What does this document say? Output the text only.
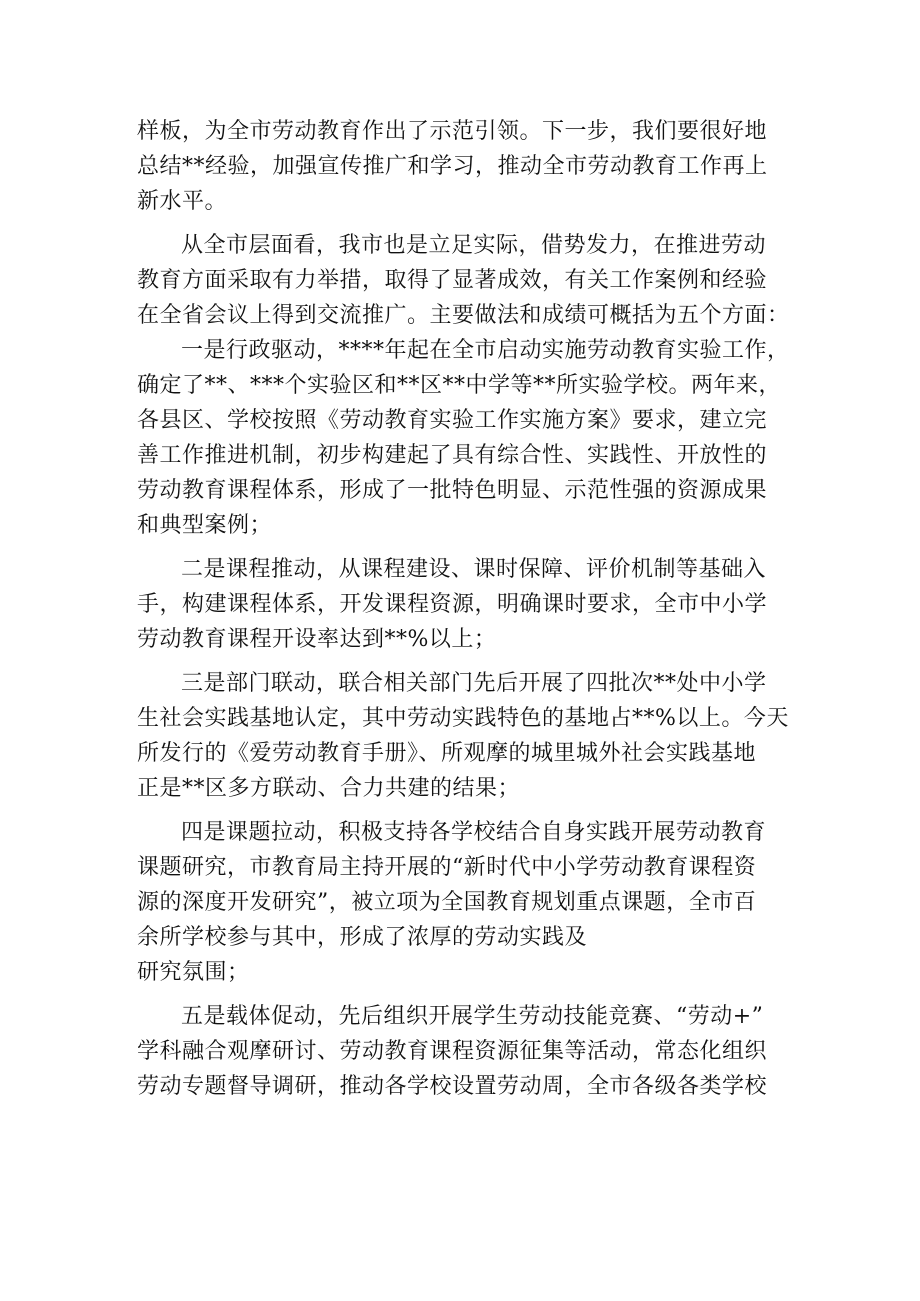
样板，为全市劳动教育作出了示范引领。下一步，我们要很好地
总结**经验，加强宣传推广和学习，推动全市劳动教育工作再上
新水平。
从全市层面看，我市也是立足实际，借势发力，在推进劳动
教育方面采取有力举措，取得了显著成效，有关工作案例和经验
在全省会议上得到交流推广。主要做法和成绩可概括为五个方面：
一是行政驱动，****年起在全市启动实施劳动教育实验工作，
确定了**、***个实验区和**区**中学等**所实验学校。两年来，
各县区、学校按照《劳动教育实验工作实施方案》要求，建立完
善工作推进机制，初步构建起了具有综合性、实践性、开放性的
劳动教育课程体系，形成了一批特色明显、示范性强的资源成果
和典型案例；
二是课程推动，从课程建设、课时保障、评价机制等基础入
手，构建课程体系，开发课程资源，明确课时要求，全市中小学
劳动教育课程开设率达到**%以上；
三是部门联动，联合相关部门先后开展了四批次**处中小学
生社会实践基地认定，其中劳动实践特色的基地占**%以上。今天
所发行的《爱劳动教育手册》、所观摩的城里城外社会实践基地
正是**区多方联动、合力共建的结果；
四是课题拉动，积极支持各学校结合自身实践开展劳动教育
课题研究，市教育局主持开展的“新时代中小学劳动教育课程资
源的深度开发研究”，被立项为全国教育规划重点课题，全市百
余所学校参与其中，形成了浓厚的劳动实践及
研究氛围；
五是载体促动，先后组织开展学生劳动技能竞赛、“劳动+”
学科融合观摩研讨、劳动教育课程资源征集等活动，常态化组织
劳动专题督导调研，推动各学校设置劳动周，全市各级各类学校
